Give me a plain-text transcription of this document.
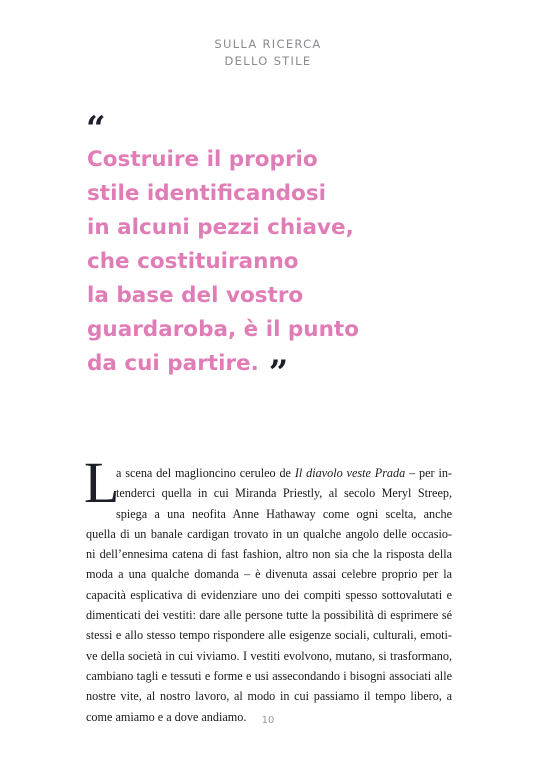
SULLA RICERCA
DELLO STILE
“
Costruire il proprio
stile identificandosi
in alcuni pezzi chiave,
che costituiranno
la base del vostro
guardaroba, è il punto
da cui partire. ”
L
a scena del maglioncino ceruleo de Il diavolo veste Prada – per in-
tenderci quella in cui Miranda Priestly, al secolo Meryl Streep,
spiega a una neofita Anne Hathaway come ogni scelta, anche
quella di un banale cardigan trovato in un qualche angolo delle occasio-
ni dell’ennesima catena di fast fashion, altro non sia che la risposta della
moda a una qualche domanda – è divenuta assai celebre proprio per la
capacità esplicativa di evidenziare uno dei compiti spesso sottovalutati e
dimenticati dei vestiti: dare alle persone tutte la possibilità di esprimere sé
stessi e allo stesso tempo rispondere alle esigenze sociali, culturali, emoti-
ve della società in cui viviamo. I vestiti evolvono, mutano, si trasformano,
cambiano tagli e tessuti e forme e usi assecondando i bisogni associati alle
nostre vite, al nostro lavoro, al modo in cui passiamo il tempo libero, a
come amiamo e a dove andiamo.	10
